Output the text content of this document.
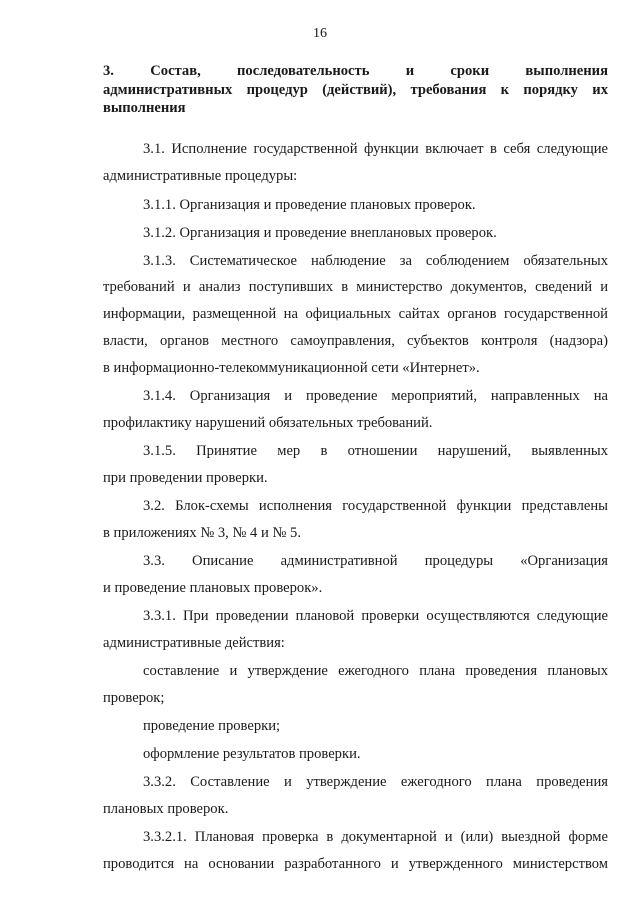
16
3. Состав, последовательность и сроки выполнения
административных процедур (действий), требования к порядку их
выполнения
3.1. Исполнение государственной функции включает в себя следующие
административные процедуры:
3.1.1. Организация и проведение плановых проверок.
3.1.2. Организация и проведение внеплановых проверок.
3.1.3. Систематическое наблюдение за соблюдением обязательных
требований и анализ поступивших в министерство документов, сведений и
информации, размещенной на официальных сайтах органов государственной
власти, органов местного самоуправления, субъектов контроля (надзора)
в информационно-телекоммуникационной сети «Интернет».
3.1.4. Организация и проведение мероприятий, направленных на
профилактику нарушений обязательных требований.
3.1.5. Принятие мер в отношении нарушений, выявленных
при проведении проверки.
3.2. Блок-схемы исполнения государственной функции представлены
в приложениях № 3, № 4 и № 5.
3.3. Описание административной процедуры «Организация
и проведение плановых проверок».
3.3.1. При проведении плановой проверки осуществляются следующие
административные действия:
составление и утверждение ежегодного плана проведения плановых
проверок;
проведение проверки;
оформление результатов проверки.
3.3.2. Составление и утверждение ежегодного плана проведения
плановых проверок.
3.3.2.1. Плановая проверка в документарной и (или) выездной форме
проводится на основании разработанного и утвержденного министерством
